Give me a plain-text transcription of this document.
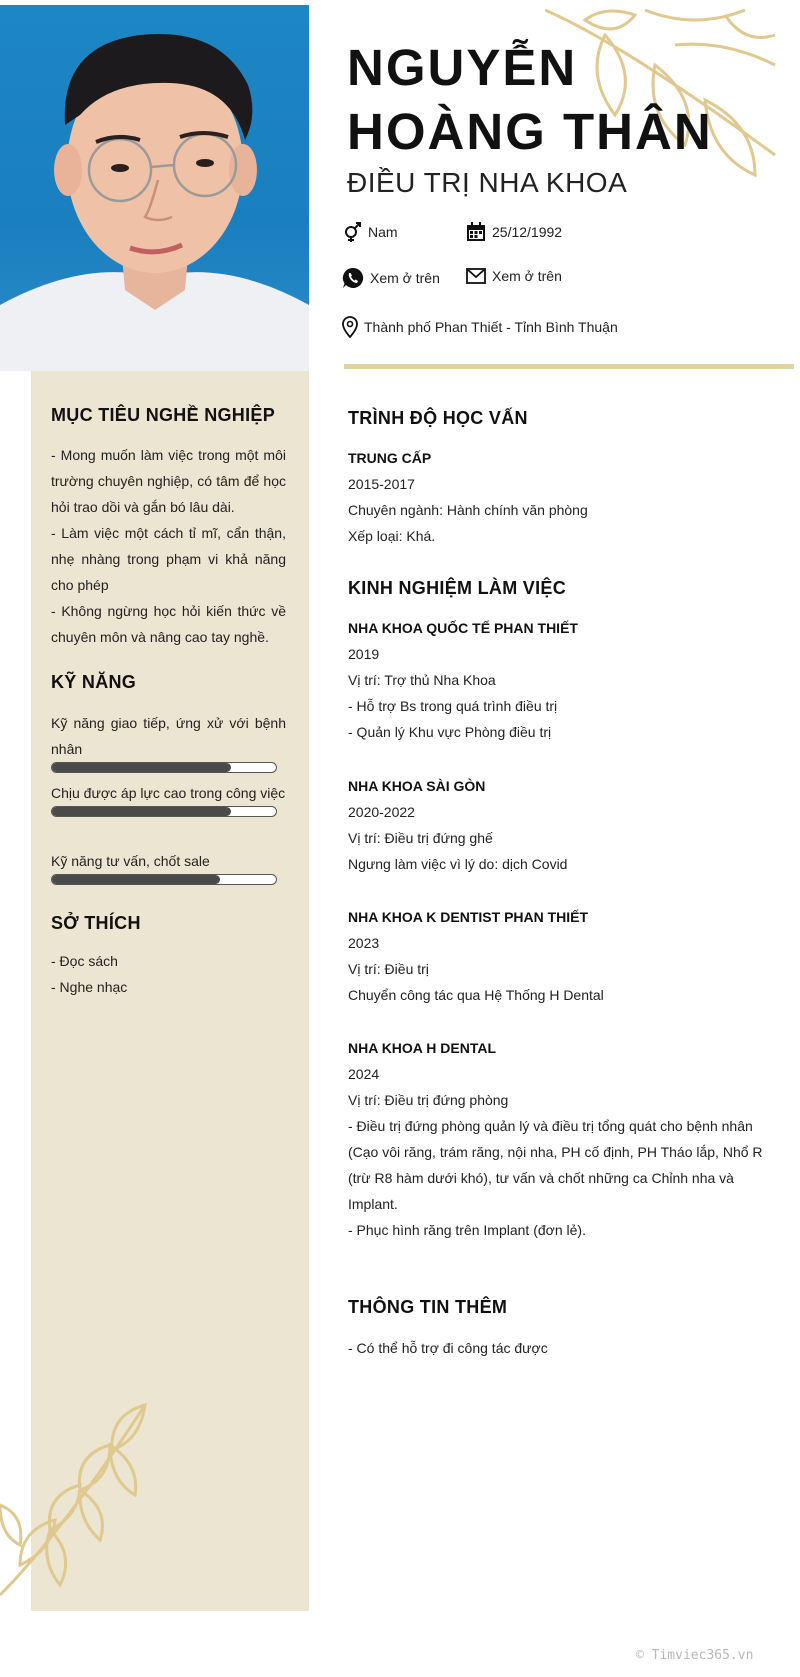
NGUYỄN
HOÀNG THÂN
ĐIỀU TRỊ NHA KHOA
Nam	25/12/1992
Xem ở trên	Xem ở trên
Thành phố Phan Thiết - Tỉnh Bình Thuận
MỤC TIÊU NGHỀ NGHIỆP
- Mong muốn làm việc trong một môi trường chuyên nghiệp, có tâm để học hỏi trao dồi và gắn bó lâu dài.
- Làm việc một cách tỉ mĩ, cẩn thận, nhẹ nhàng trong phạm vi khả năng cho phép
- Không ngừng học hỏi kiến thức về chuyên môn và nâng cao tay nghề.
KỸ NĂNG
Kỹ năng giao tiếp, ứng xử với bệnh nhân
Chịu được áp lực cao trong công việc
Kỹ năng tư vấn, chốt sale
SỞ THÍCH
- Đọc sách
- Nghe nhạc
TRÌNH ĐỘ HỌC VẤN
TRUNG CẤP
2015-2017
Chuyên ngành: Hành chính văn phòng
Xếp loại: Khá.
KINH NGHIỆM LÀM VIỆC
NHA KHOA QUỐC TẾ PHAN THIẾT
2019
Vị trí: Trợ thủ Nha Khoa
- Hỗ trợ Bs trong quá trình điều trị
- Quản lý Khu vực Phòng điều trị
NHA KHOA SÀI GÒN
2020-2022
Vị trí: Điều trị đứng ghế
Ngưng làm việc vì lý do: dịch Covid
NHA KHOA K DENTIST PHAN THIẾT
2023
Vị trí: Điều trị
Chuyển công tác qua Hệ Thống H Dental
NHA KHOA H DENTAL
2024
Vị trí: Điều trị đứng phòng
- Điều trị đứng phòng quản lý và điều trị tổng quát cho bệnh nhân (Cạo vôi răng, trám răng, nội nha, PH cố định, PH Tháo lắp, Nhổ R (trừ R8 hàm dưới khó), tư vấn và chốt những ca Chỉnh nha và Implant.
- Phục hình răng trên Implant (đơn lẻ).
THÔNG TIN THÊM
- Có thể hỗ trợ đi công tác được
© Timviec365.vn
